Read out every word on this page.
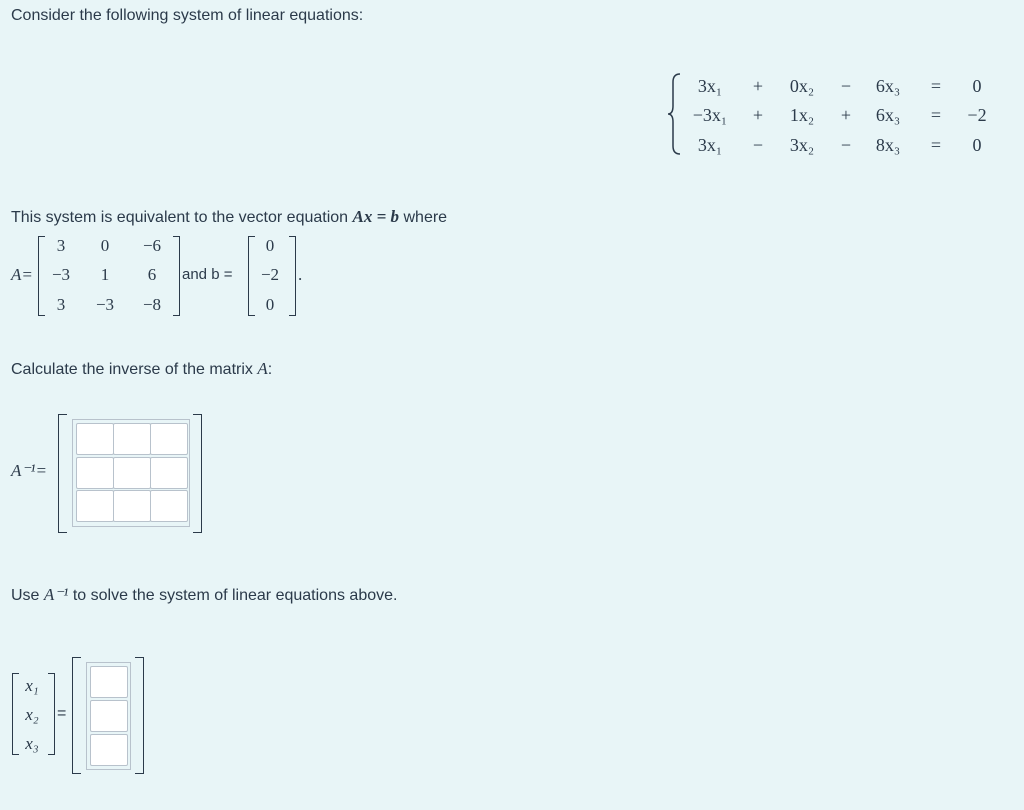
Consider the following system of linear equations:
3x₁	+	0x₂	−	6x₃	=	0
−3x₁	+	1x₂	+	6x₃	=	−2
3x₁	−	3x₂	−	8x₃	=	0
This system is equivalent to the vector equation Ax = b where
A=
3	0	−6
−3	1	6
3	−3	−8
and b =
0
−2
0
.
Calculate the inverse of the matrix A:
A⁻¹=
Use A⁻¹ to solve the system of linear equations above.
x₁
x₂
x₃
=
